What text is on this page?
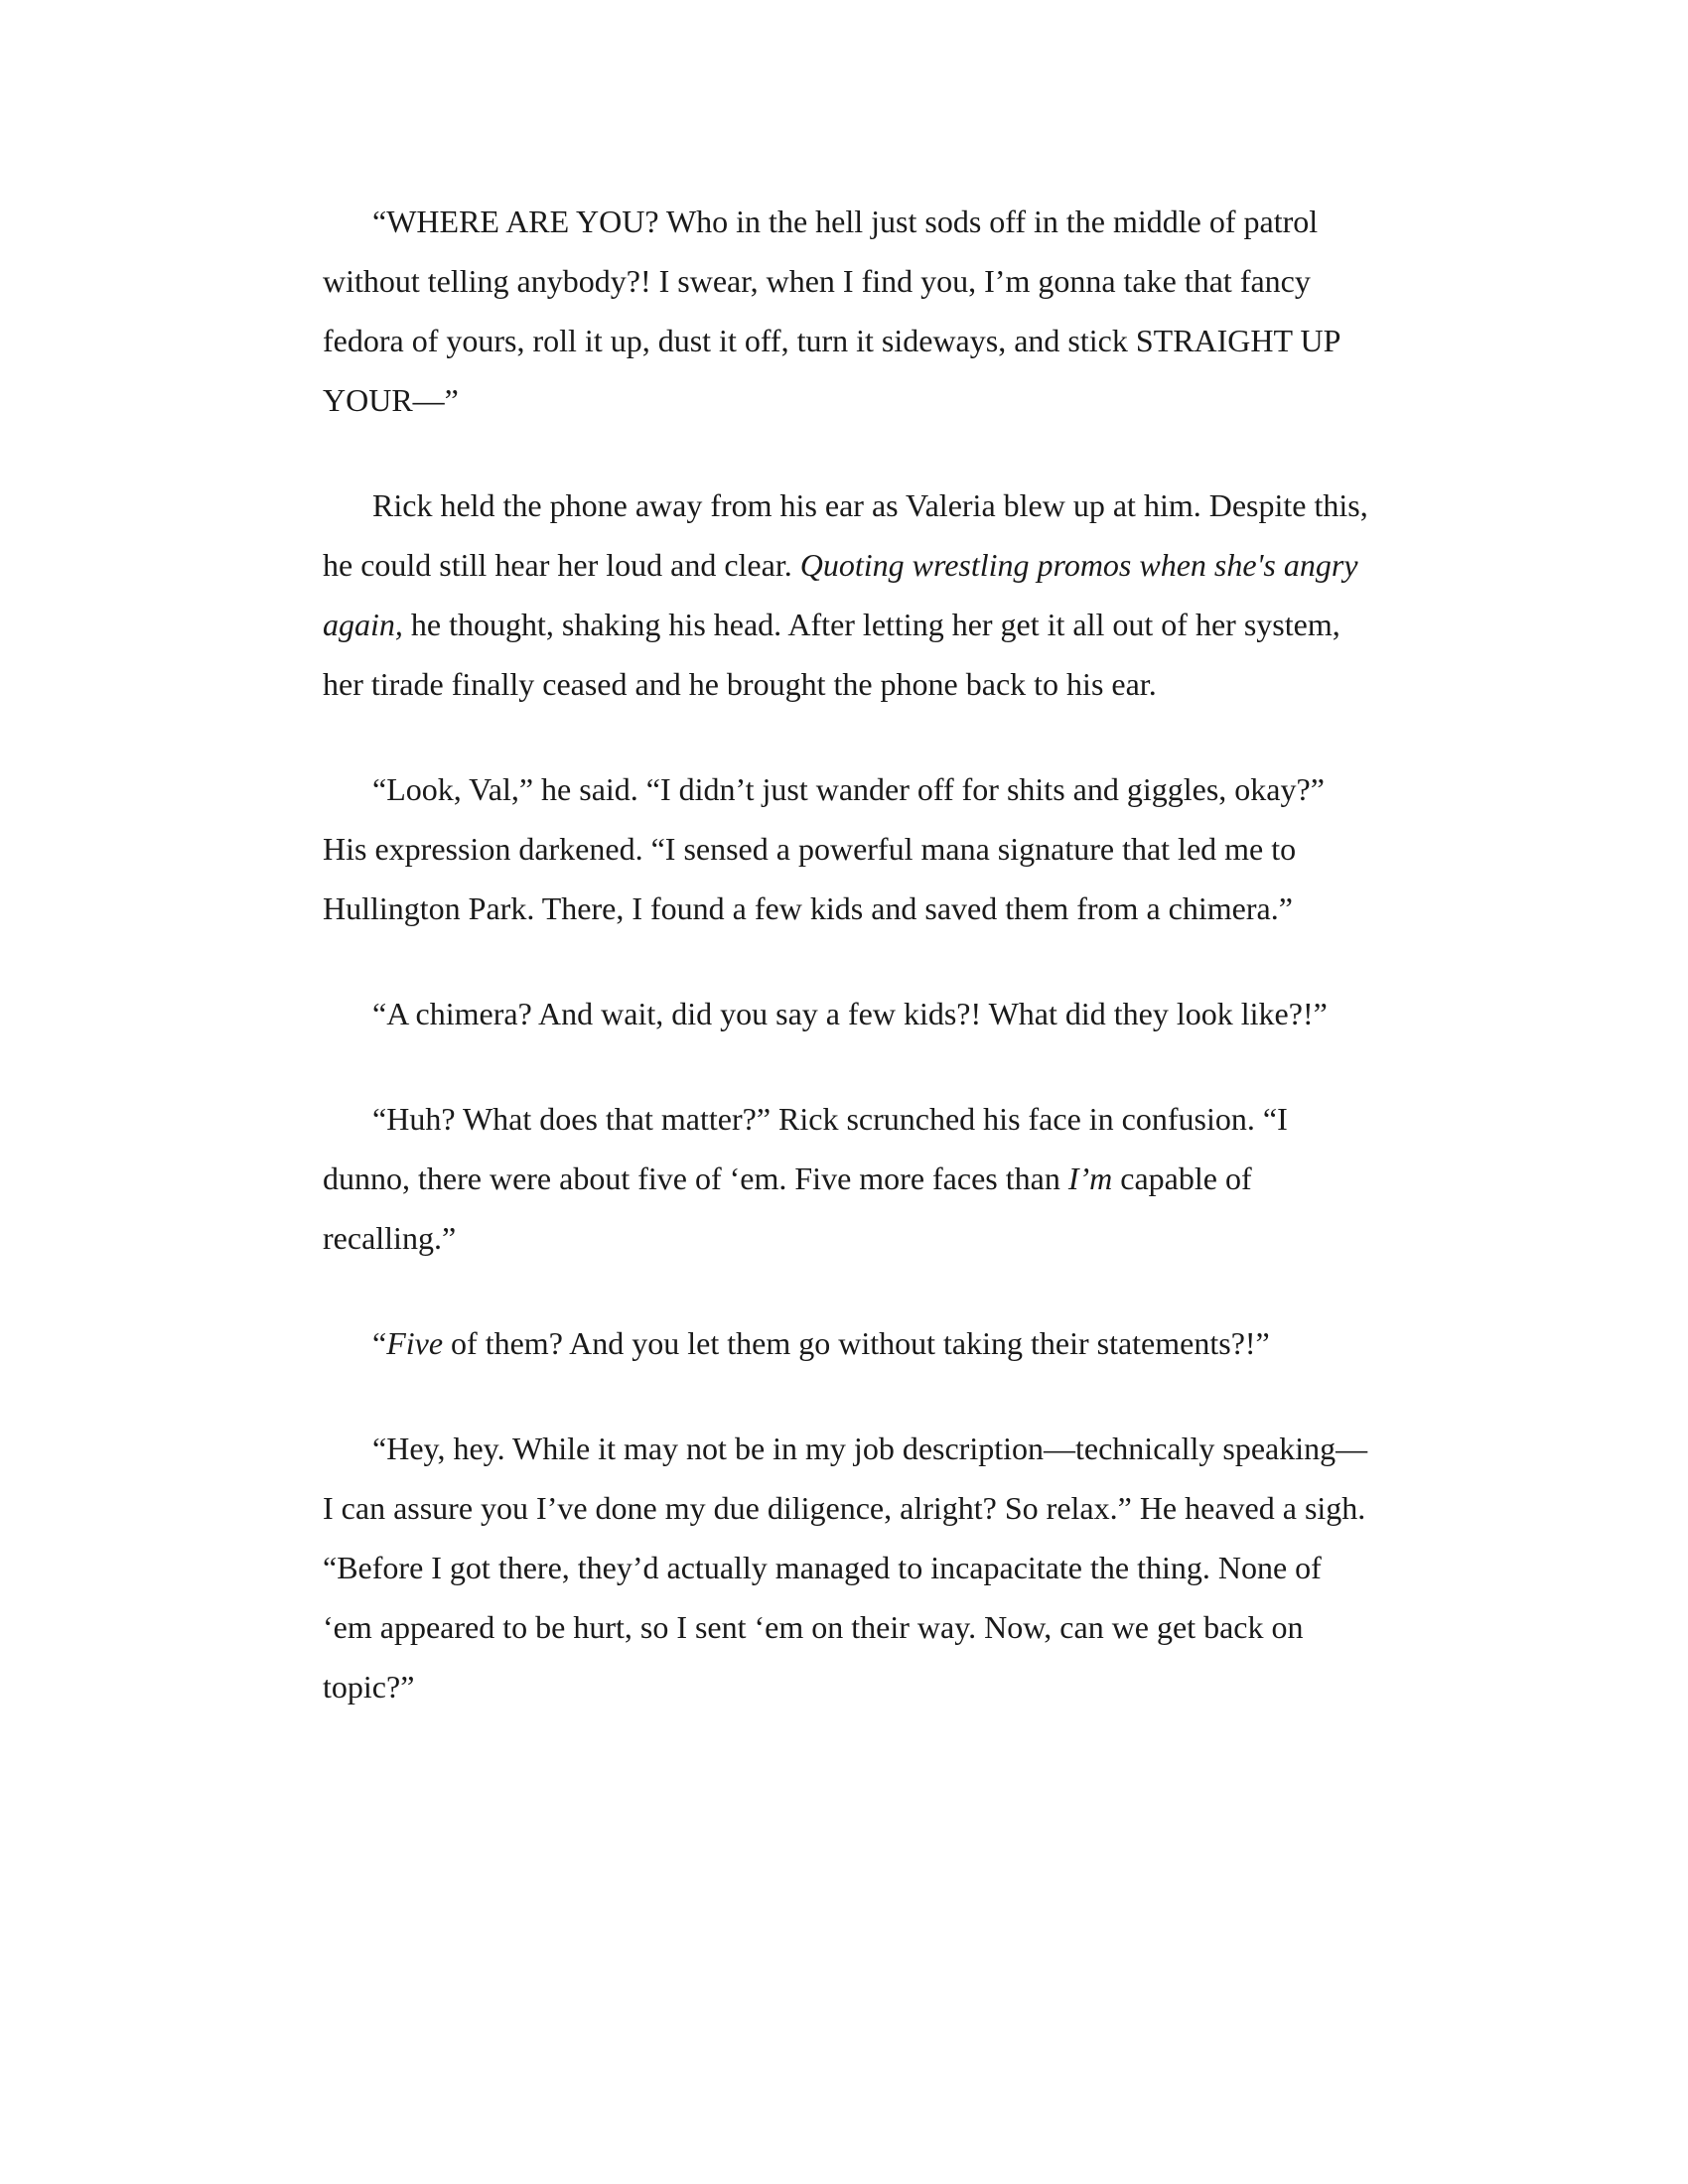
“WHERE ARE YOU? Who in the hell just sods off in the middle of patrol without telling anybody?! I swear, when I find you, I’m gonna take that fancy fedora of yours, roll it up, dust it off, turn it sideways, and stick STRAIGHT UP YOUR—”

Rick held the phone away from his ear as Valeria blew up at him. Despite this, he could still hear her loud and clear. Quoting wrestling promos when she's angry again, he thought, shaking his head. After letting her get it all out of her system, her tirade finally ceased and he brought the phone back to his ear.

“Look, Val,” he said. “I didn’t just wander off for shits and giggles, okay?” His expression darkened. “I sensed a powerful mana signature that led me to Hullington Park. There, I found a few kids and saved them from a chimera.”

“A chimera? And wait, did you say a few kids?! What did they look like?!”

“Huh? What does that matter?” Rick scrunched his face in confusion. “I dunno, there were about five of ‘em. Five more faces than I’m capable of recalling.”

“Five of them? And you let them go without taking their statements?!”

“Hey, hey. While it may not be in my job description—technically speaking—I can assure you I’ve done my due diligence, alright? So relax.” He heaved a sigh. “Before I got there, they’d actually managed to incapacitate the thing. None of ‘em appeared to be hurt, so I sent ‘em on their way. Now, can we get back on topic?”
